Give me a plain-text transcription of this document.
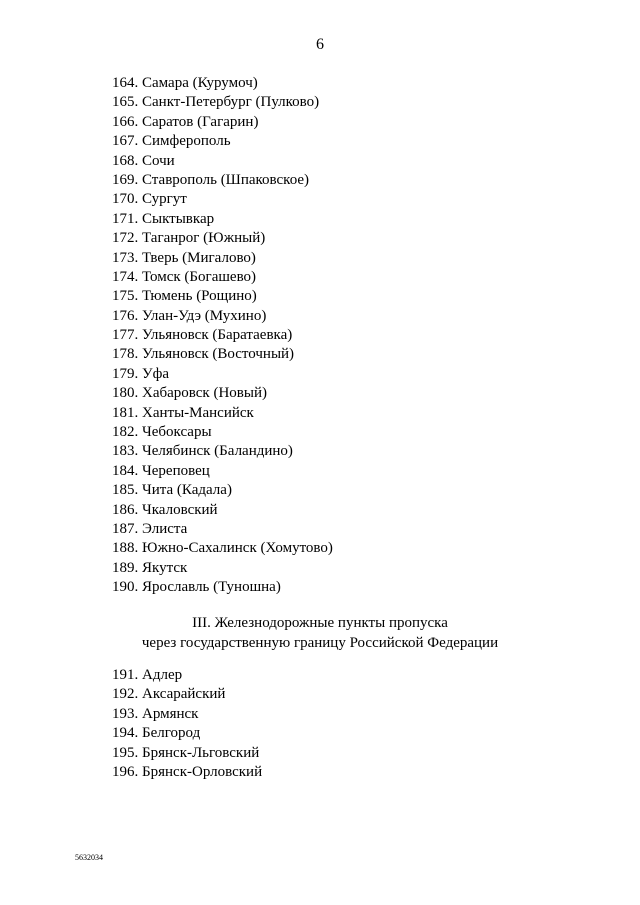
6
164. Самара (Курумоч)
165. Санкт-Петербург (Пулково)
166. Саратов (Гагарин)
167. Симферополь
168. Сочи
169. Ставрополь (Шпаковское)
170. Сургут
171. Сыктывкар
172. Таганрог (Южный)
173. Тверь (Мигалово)
174. Томск (Богашево)
175. Тюмень (Рощино)
176. Улан-Удэ (Мухино)
177. Ульяновск (Баратаевка)
178. Ульяновск (Восточный)
179. Уфа
180. Хабаровск (Новый)
181. Ханты-Мансийск
182. Чебоксары
183. Челябинск (Баландино)
184. Череповец
185. Чита (Кадала)
186. Чкаловский
187. Элиста
188. Южно-Сахалинск (Хомутово)
189. Якутск
190. Ярославль (Туношна)
III. Железнодорожные пункты пропуска
через государственную границу Российской Федерации
191. Адлер
192. Аксарайский
193. Армянск
194. Белгород
195. Брянск-Льговский
196. Брянск-Орловский
5632034
